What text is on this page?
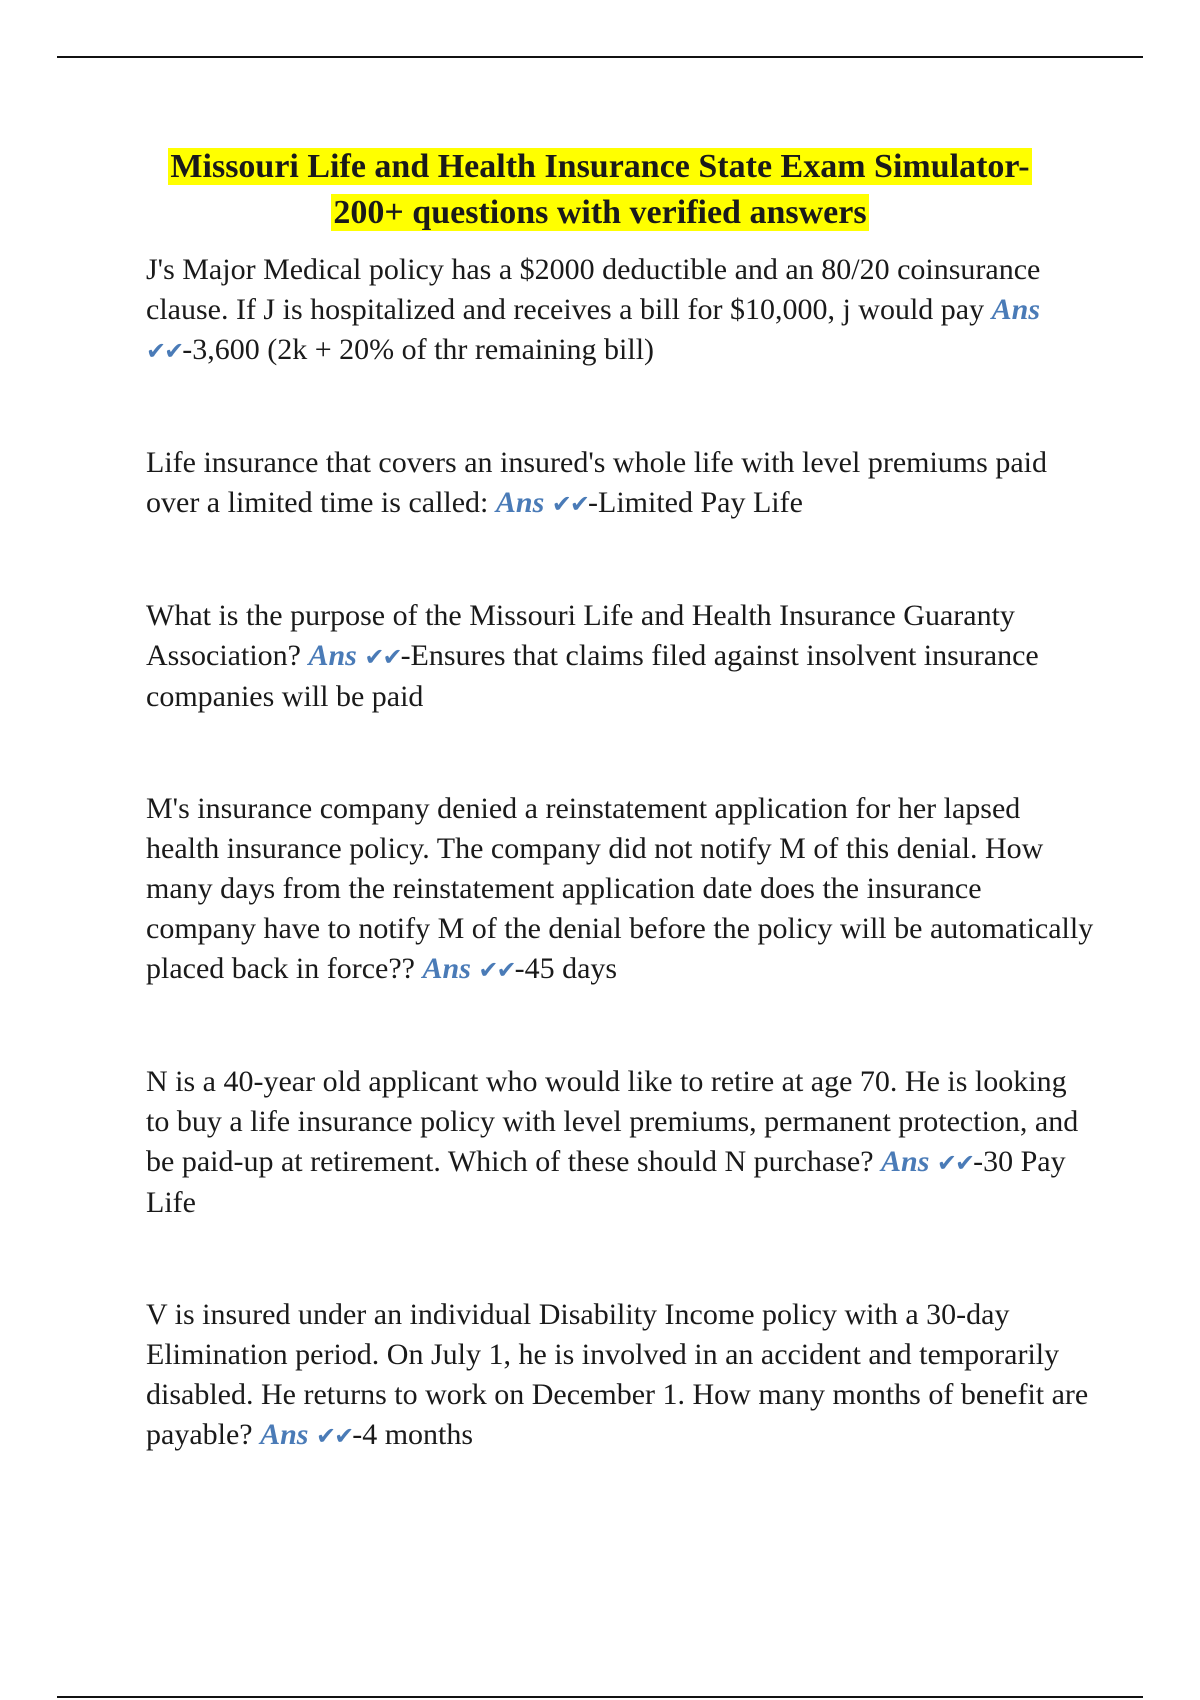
Missouri Life and Health Insurance State Exam Simulator-
200+ questions with verified answers

J's Major Medical policy has a $2000 deductible and an 80/20 coinsurance clause. If J is hospitalized and receives a bill for $10,000, j would pay Ans ✔✔-3,600 (2k + 20% of thr remaining bill)

Life insurance that covers an insured's whole life with level premiums paid over a limited time is called: Ans ✔✔-Limited Pay Life

What is the purpose of the Missouri Life and Health Insurance Guaranty Association? Ans ✔✔-Ensures that claims filed against insolvent insurance companies will be paid

M's insurance company denied a reinstatement application for her lapsed health insurance policy. The company did not notify M of this denial. How many days from the reinstatement application date does the insurance company have to notify M of the denial before the policy will be automatically placed back in force?? Ans ✔✔-45 days

N is a 40-year old applicant who would like to retire at age 70. He is looking to buy a life insurance policy with level premiums, permanent protection, and be paid-up at retirement. Which of these should N purchase? Ans ✔✔-30 Pay Life

V is insured under an individual Disability Income policy with a 30-day Elimination period. On July 1, he is involved in an accident and temporarily disabled. He returns to work on December 1. How many months of benefit are payable? Ans ✔✔-4 months
